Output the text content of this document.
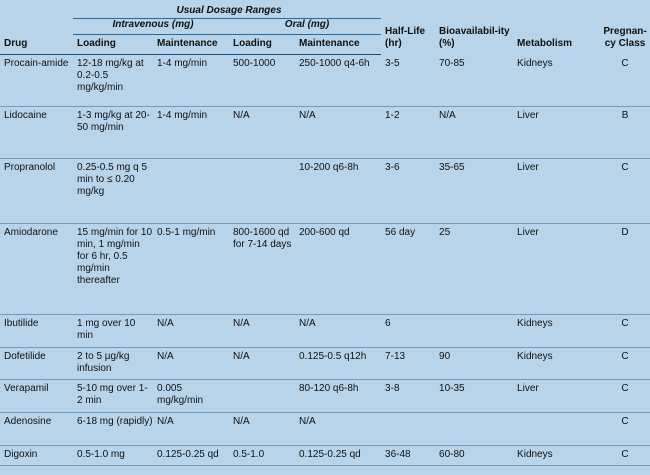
	Usual Dosage Ranges				Half-Life (hr)	Bioavailabil-ity (%)	Metabolism	Pregnan-cy Class
	Intravenous (mg)		Oral (mg)					
Drug	Loading	Maintenance	Loading	Maintenance				
Procain-amide	12-18 mg/kg at 0.2-0.5 mg/kg/min	1-4 mg/min	500-1000	250-1000 q4-6h	3-5	70-85	Kidneys	C
Lidocaine	1-3 mg/kg at 20-50 mg/min	1-4 mg/min	N/A	N/A	1-2	N/A	Liver	B
Propranolol	0.25-0.5 mg q 5 min to ≤ 0.20 mg/kg			10-200 q6-8h	3-6	35-65	Liver	C
Amiodarone	15 mg/min for 10 min, 1 mg/min for 6 hr, 0.5 mg/min thereafter	0.5-1 mg/min	800-1600 qd for 7-14 days	200-600 qd	56 day	25	Liver	D
Ibutilide	1 mg over 10 min	N/A	N/A	N/A	6		Kidneys	C
Dofetilide	2 to 5 µg/kg infusion	N/A	N/A	0.125-0.5 q12h	7-13	90	Kidneys	C
Verapamil	5-10 mg over 1-2 min	0.005 mg/kg/min		80-120 q6-8h	3-8	10-35	Liver	C
Adenosine	6-18 mg (rapidly)	N/A	N/A	N/A				C
Digoxin	0.5-1.0 mg	0.125-0.25 qd	0.5-1.0	0.125-0.25 qd	36-48	60-80	Kidneys	C
